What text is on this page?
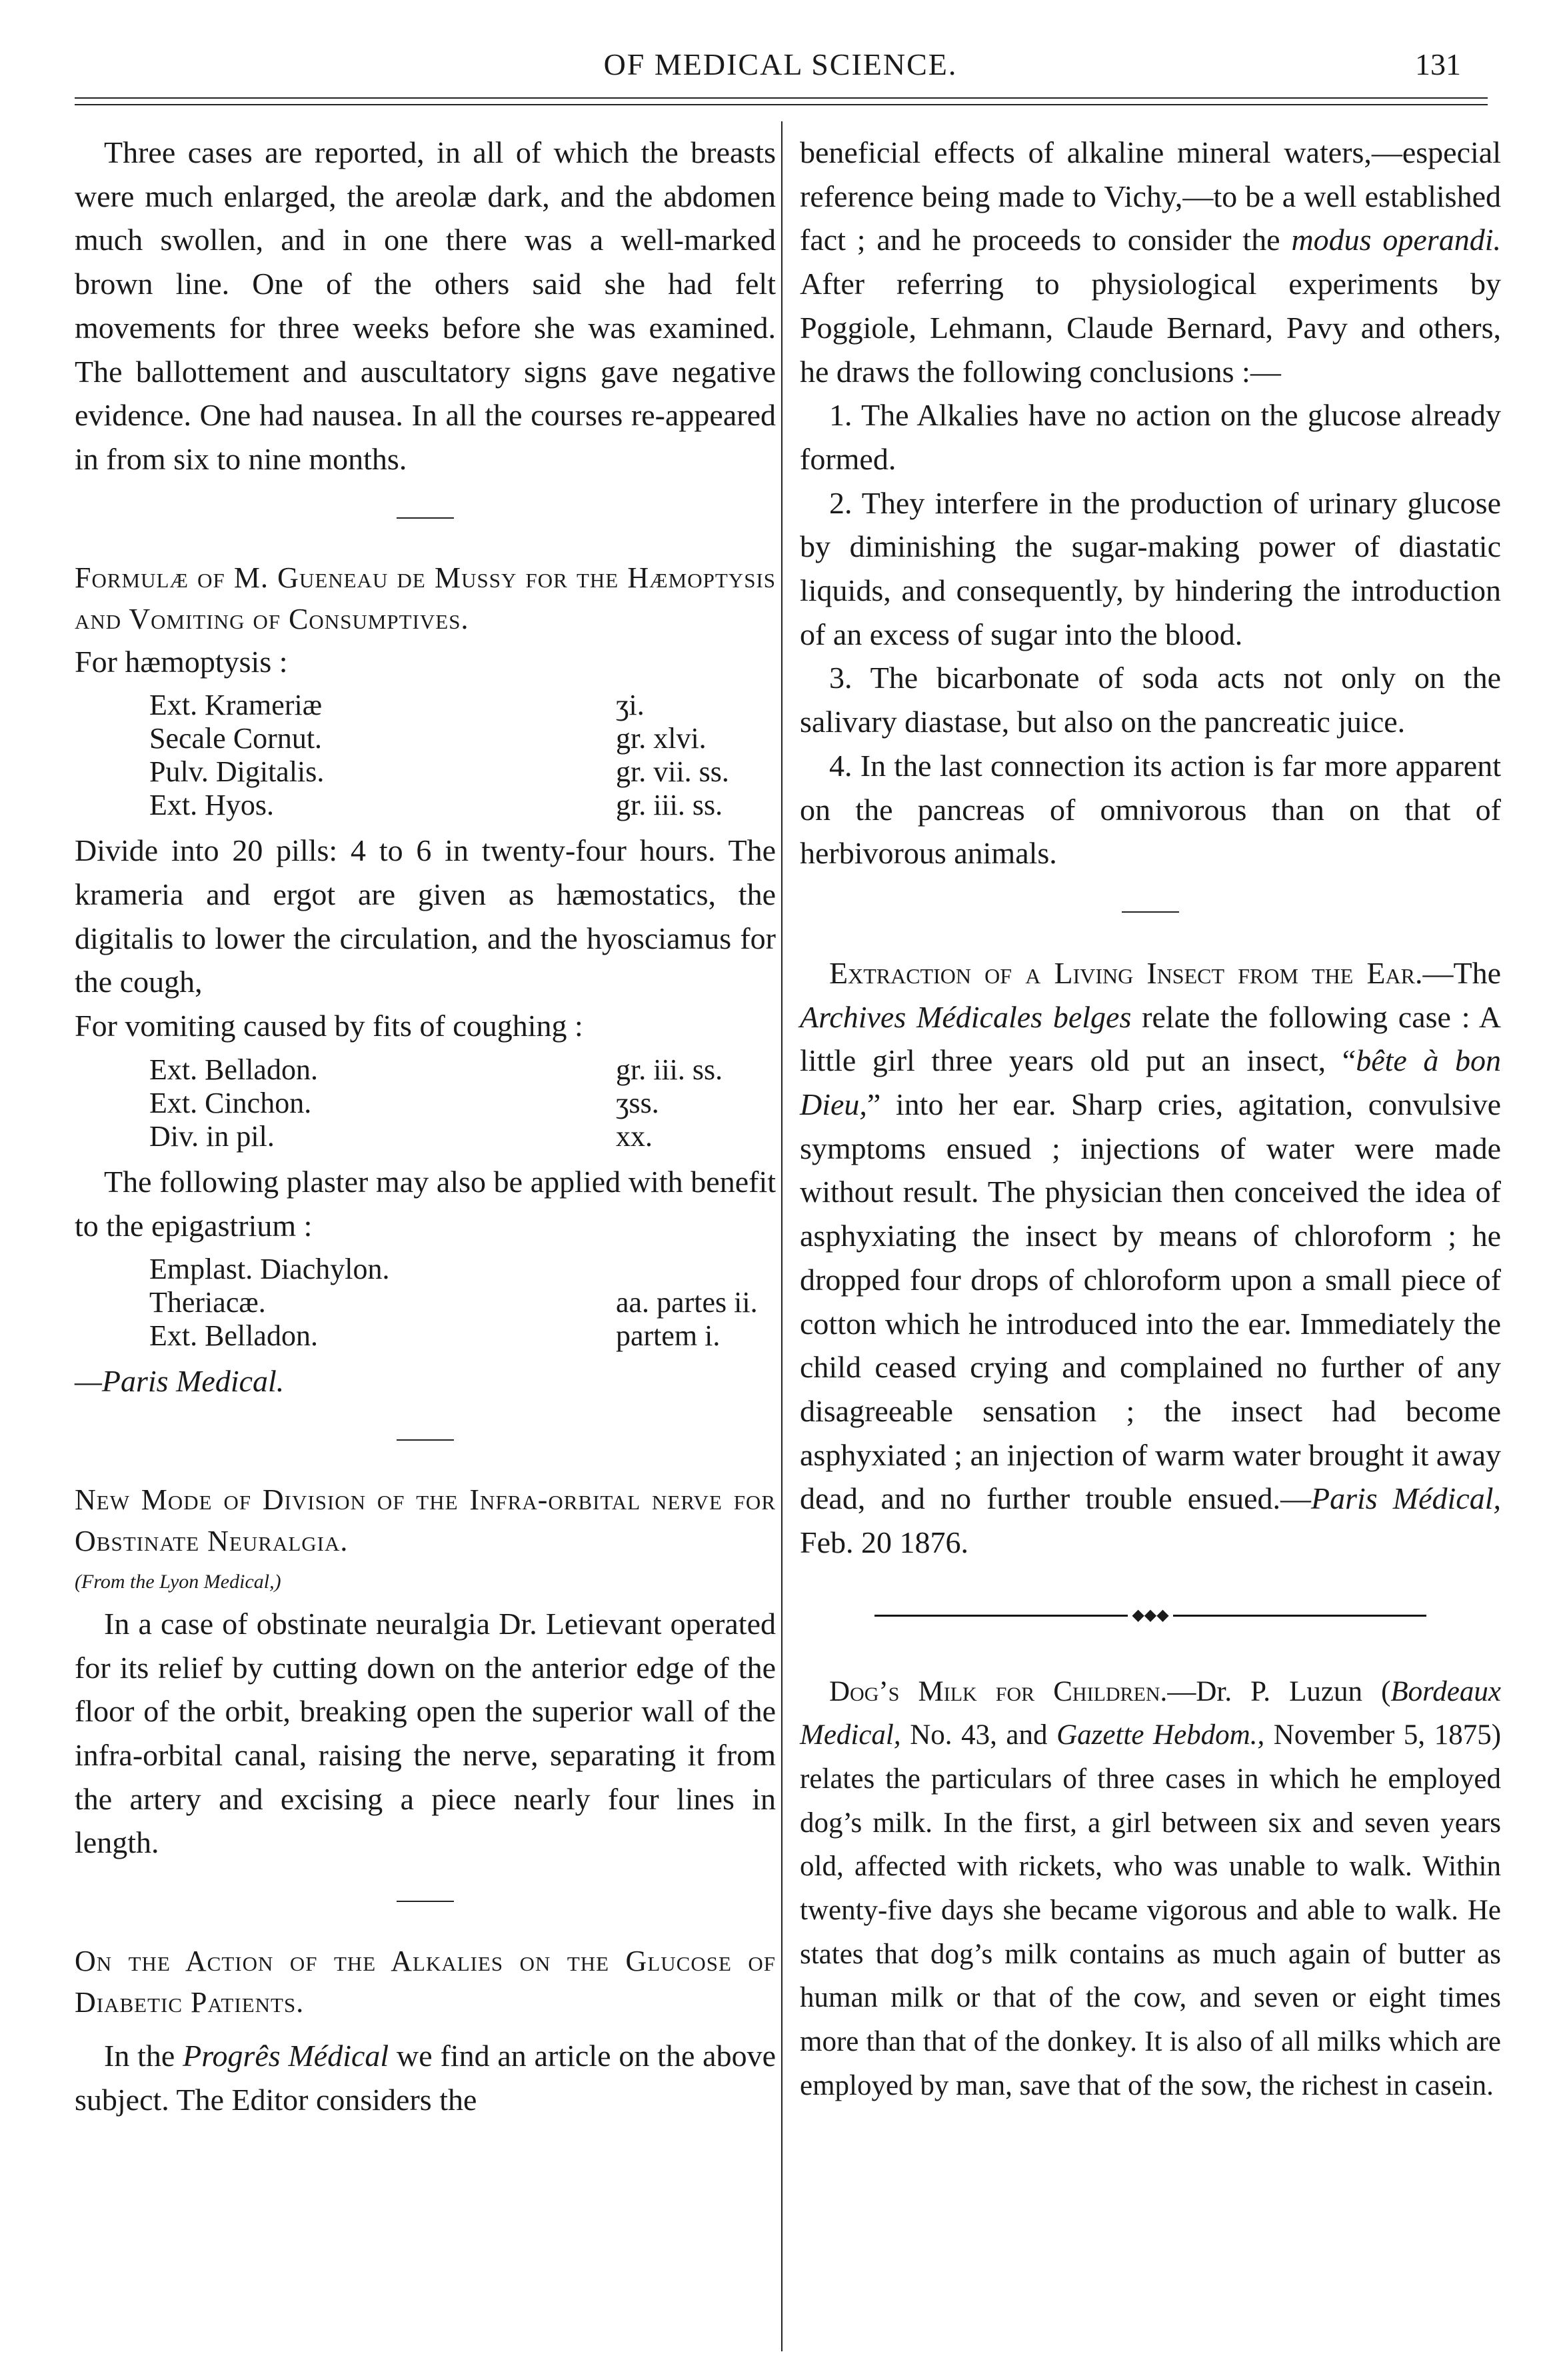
OF MEDICAL SCIENCE.	131

Three cases are reported, in all of which the breasts were much enlarged, the areolæ dark, and the abdomen much swollen, and in one there was a well-marked brown line. One of the others said she had felt movements for three weeks before she was examined. The ballottement and auscultatory signs gave negative evidence. One had nausea. In all the courses re-appeared in from six to nine months.

Formulæ of M. Gueneau de Mussy for the Hæmoptysis and Vomiting of Consumptives.

For hæmoptysis :

Ext. Krameriæ	ʒi.
Secale Cornut.	gr. xlvi.
Pulv. Digitalis.	gr. vii. ss.
Ext. Hyos.	gr. iii. ss.

Divide into 20 pills: 4 to 6 in twenty-four hours. The krameria and ergot are given as hæmostatics, the digitalis to lower the circulation, and the hyosciamus for the cough,

For vomiting caused by fits of coughing :

Ext. Belladon.	gr. iii. ss.
Ext. Cinchon.	ʒss.
Div. in pil.	xx.

The following plaster may also be applied with benefit to the epigastrium :

Emplast. Diachylon.
Theriacæ.	aa. partes ii.
Ext. Belladon.	partem i.

—Paris Medical.

New Mode of Division of the Infra-orbital nerve for Obstinate Neuralgia.

(From the Lyon Medical,)

In a case of obstinate neuralgia Dr. Letievant operated for its relief by cutting down on the anterior edge of the floor of the orbit, breaking open the superior wall of the infra-orbital canal, raising the nerve, separating it from the artery and excising a piece nearly four lines in length.

On the Action of the Alkalies on the Glucose of Diabetic Patients.

In the Progrês Médical we find an article on the above subject. The Editor considers the

beneficial effects of alkaline mineral waters,—especial reference being made to Vichy,—to be a well established fact ; and he proceeds to consider the modus operandi. After referring to physiological experiments by Poggiole, Lehmann, Claude Bernard, Pavy and others, he draws the following conclusions :—

1. The Alkalies have no action on the glucose already formed.

2. They interfere in the production of urinary glucose by diminishing the sugar-making power of diastatic liquids, and consequently, by hindering the introduction of an excess of sugar into the blood.

3. The bicarbonate of soda acts not only on the salivary diastase, but also on the pancreatic juice.

4. In the last connection its action is far more apparent on the pancreas of omnivorous than on that of herbivorous animals.

Extraction of a Living Insect from the Ear.—The Archives Médicales belges relate the following case : A little girl three years old put an insect, “bête à bon Dieu,” into her ear. Sharp cries, agitation, convulsive symptoms ensued ; injections of water were made without result. The physician then conceived the idea of asphyxiating the insect by means of chloroform ; he dropped four drops of chloroform upon a small piece of cotton which he introduced into the ear. Immediately the child ceased crying and complained no further of any disagreeable sensation ; the insect had become asphyxiated ; an injection of warm water brought it away dead, and no further trouble ensued.—Paris Médical, Feb. 20 1876.

◆◆◆

Dog’s Milk for Children.—Dr. P. Luzun (Bordeaux Medical, No. 43, and Gazette Hebdom., November 5, 1875) relates the particulars of three cases in which he employed dog’s milk. In the first, a girl between six and seven years old, affected with rickets, who was unable to walk. Within twenty-five days she became vigorous and able to walk. He states that dog’s milk contains as much again of butter as human milk or that of the cow, and seven or eight times more than that of the donkey. It is also of all milks which are employed by man, save that of the sow, the richest in casein.
